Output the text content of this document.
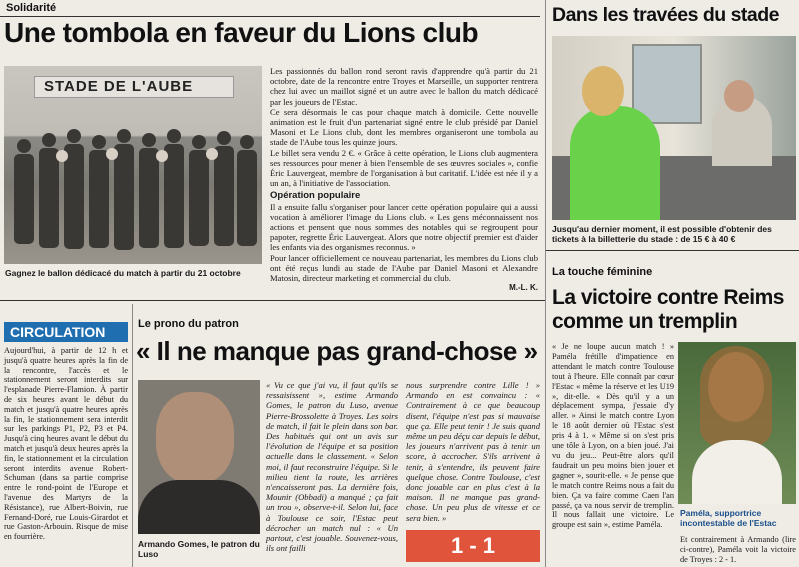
Solidarité
Une tombola en faveur du Lions club
STADE DE L'AUBE
Gagnez le ballon dédicacé du match à partir du 21 octobre

Les passionnés du ballon rond seront ravis d'apprendre qu'à partir du 21 octobre, date de la rencontre entre Troyes et Marseille, un supporter rentrera chez lui avec un maillot signé et un autre avec le ballon du match dédicacé par les joueurs de l'Estac.

Ce sera désormais le cas pour chaque match à domicile. Cette nouvelle animation est le fruit d'un partenariat signé entre le club présidé par Daniel Masoni et Le Lions club, dont les membres organiseront une tombola au stade de l'Aube tous les quinze jours.

Le billet sera vendu 2 €. « Grâce à cette opération, le Lions club augmentera ses ressources pour mener à bien l'ensemble de ses œuvres sociales », confie Éric Lauvergeat, membre de l'organisation à but caritatif. L'idée est née il y a un an, à l'initiative de l'association.

Opération populaire

Il a ensuite fallu s'organiser pour lancer cette opération populaire qui a aussi vocation à améliorer l'image du Lions club. « Les gens méconnaissent nos actions et pensent que nous sommes des notables qui se regroupent pour papoter, regrette Éric Lauvergeat. Alors que notre objectif premier est d'aider les enfants via des organismes reconnus. »

Pour lancer officiellement ce nouveau partenariat, les membres du Lions club ont été reçus lundi au stade de l'Aube par Daniel Masoni et Alexandre Matosin, directeur marketing et commercial du club.

M.-L. K.
Dans les travées du stade
Jusqu'au dernier moment, il est possible d'obtenir des tickets à la billetterie du stade : de 15 € à 40 €
CIRCULATION
Aujourd'hui, à partir de 12 h et jusqu'à quatre heures après la fin de la rencontre, l'accès et le stationnement seront interdits sur l'esplanade Pierre-Flamion. À partir de six heures avant le début du match et jusqu'à quatre heures après la fin, le stationnement sera interdit sur les parkings P1, P2, P3 et P4. Jusqu'à cinq heures avant le début du match et jusqu'à deux heures après la fin, le stationnement et la circulation seront interdits avenue Robert-Schuman (dans sa partie comprise entre le rond-point de l'Europe et l'avenue des Martyrs de la Résistance), rue Albert-Boivin, rue Fernand-Doré, rue Louis-Girardot et rue Gaston-Arbouin. Risque de mise en fourrière.
Le prono du patron
« Il ne manque pas grand-chose »
Armando Gomes, le patron du Luso
« Vu ce que j'ai vu, il faut qu'ils se ressaisissent », estime Armando Gomes, le patron du Luso, avenue Pierre-Brossolette à Troyes. Les soirs de match, il fait le plein dans son bar. Des habitués qui ont un avis sur l'évolution de l'équipe et sa position actuelle dans le classement. « Selon moi, il faut reconstruire l'équipe. Si le milieu tient la route, les arrières n'encaisseront pas. La dernière fois, Mounir (Obbadi) a manqué ; ça fait un trou », observe-t-il. Selon lui, face à Toulouse ce soir, l'Estac peut décrocher un match nul : « Un partout, c'est jouable. Souvenez-vous, ils ont failli
nous surprendre contre Lille ! » Armando en est convaincu : « Contrairement à ce que beaucoup disent, l'équipe n'est pas si mauvaise que ça. Elle peut tenir ! Je suis quand même un peu déçu car depuis le début, les joueurs n'arrivent pas à tenir un score, à accrocher. S'ils arrivent à tenir, à s'entendre, ils peuvent faire quelque chose. Contre Toulouse, c'est donc jouable car en plus c'est à la maison. Il ne manque pas grand-chose. Un peu plus de vitesse et ce sera bien. »
1 - 1
La touche féminine
La victoire contre Reims comme un tremplin
« Je ne loupe aucun match ! » Paméla frétille d'impatience en attendant le match contre Toulouse tout à l'heure. Elle connaît par cœur l'Estac « même la réserve et les U19 », dit-elle. « Dès qu'il y a un déplacement sympa, j'essaie d'y aller. » Ainsi le match contre Lyon le 18 août dernier où l'Estac s'est pris 4 à 1. « Même si on s'est pris une tôle à Lyon, on a bien joué. J'ai vu du jeu... Peut-être alors qu'il faudrait un peu moins bien jouer et gagner », sourit-elle. « Je pense que le match contre Reims nous a fait du bien. Ça va faire comme Caen l'an passé, ça va nous servir de tremplin. Il nous fallait une victoire. Le groupe est sain », estime Paméla.
Paméla, supportrice incontestable de l'Estac
Et contrairement à Armando (lire ci-contre), Paméla voit la victoire de Troyes : 2 - 1.
